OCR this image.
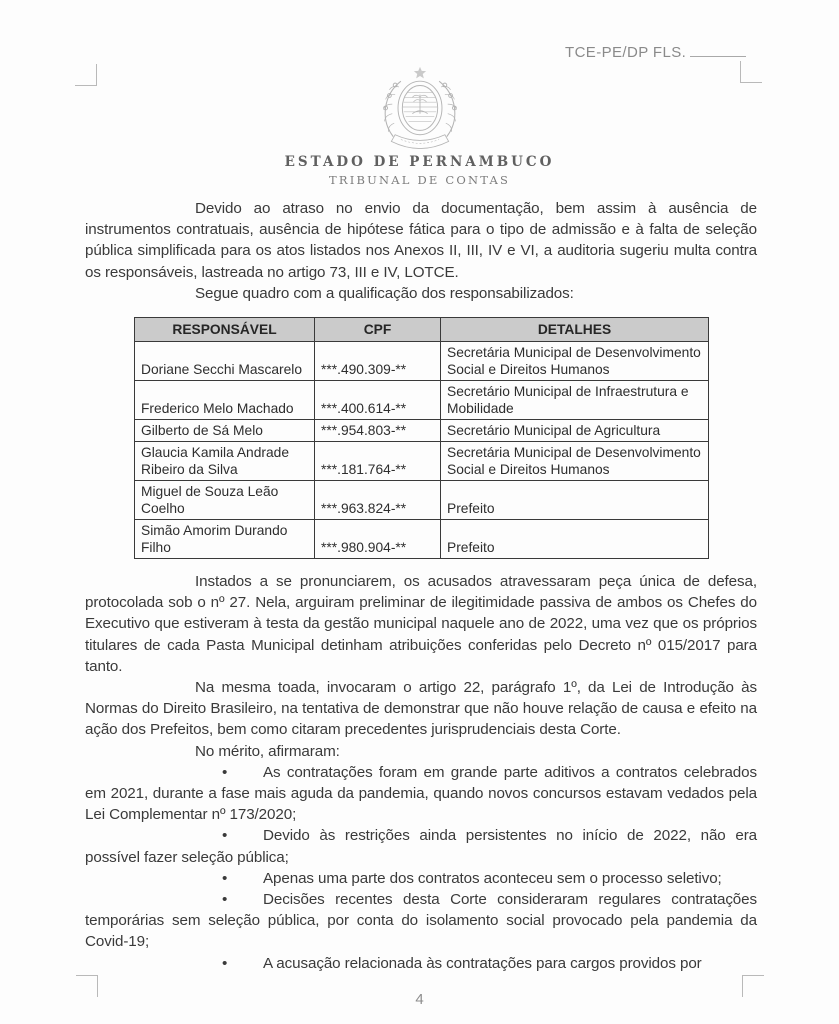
TCE-PE/DP FLS.
ESTADO DE PERNAMBUCO
TRIBUNAL DE CONTAS

Devido ao atraso no envio da documentação, bem assim à ausência de instrumentos contratuais, ausência de hipótese fática para o tipo de admissão e à falta de seleção pública simplificada para os atos listados nos Anexos II, III, IV e VI, a auditoria sugeriu multa contra os responsáveis, lastreada no artigo 73, III e IV, LOTCE.

Segue quadro com a qualificação dos responsabilizados:

RESPONSÁVEL	CPF	DETALHES
Doriane Secchi Mascarelo	***.490.309-**	Secretária Municipal de Desenvolvimento Social e Direitos Humanos
Frederico Melo Machado	***.400.614-**	Secretário Municipal de Infraestrutura e Mobilidade
Gilberto de Sá Melo	***.954.803-**	Secretário Municipal de Agricultura
Glaucia Kamila Andrade Ribeiro da Silva	***.181.764-**	Secretária Municipal de Desenvolvimento Social e Direitos Humanos
Miguel de Souza Leão Coelho	***.963.824-**	Prefeito
Simão Amorim Durando Filho	***.980.904-**	Prefeito

Instados a se pronunciarem, os acusados atravessaram peça única de defesa, protocolada sob o nº 27. Nela, arguiram preliminar de ilegitimidade passiva de ambos os Chefes do Executivo que estiveram à testa da gestão municipal naquele ano de 2022, uma vez que os próprios titulares de cada Pasta Municipal detinham atribuições conferidas pelo Decreto nº 015/2017 para tanto.

Na mesma toada, invocaram o artigo 22, parágrafo 1º, da Lei de Introdução às Normas do Direito Brasileiro, na tentativa de demonstrar que não houve relação de causa e efeito na ação dos Prefeitos, bem como citaram precedentes jurisprudenciais desta Corte.

No mérito, afirmaram:

• As contratações foram em grande parte aditivos a contratos celebrados em 2021, durante a fase mais aguda da pandemia, quando novos concursos estavam vedados pela Lei Complementar nº 173/2020;

• Devido às restrições ainda persistentes no início de 2022, não era possível fazer seleção pública;

• Apenas uma parte dos contratos aconteceu sem o processo seletivo;

• Decisões recentes desta Corte consideraram regulares contratações temporárias sem seleção pública, por conta do isolamento social provocado pela pandemia da Covid-19;

• A acusação relacionada às contratações para cargos providos por

4
